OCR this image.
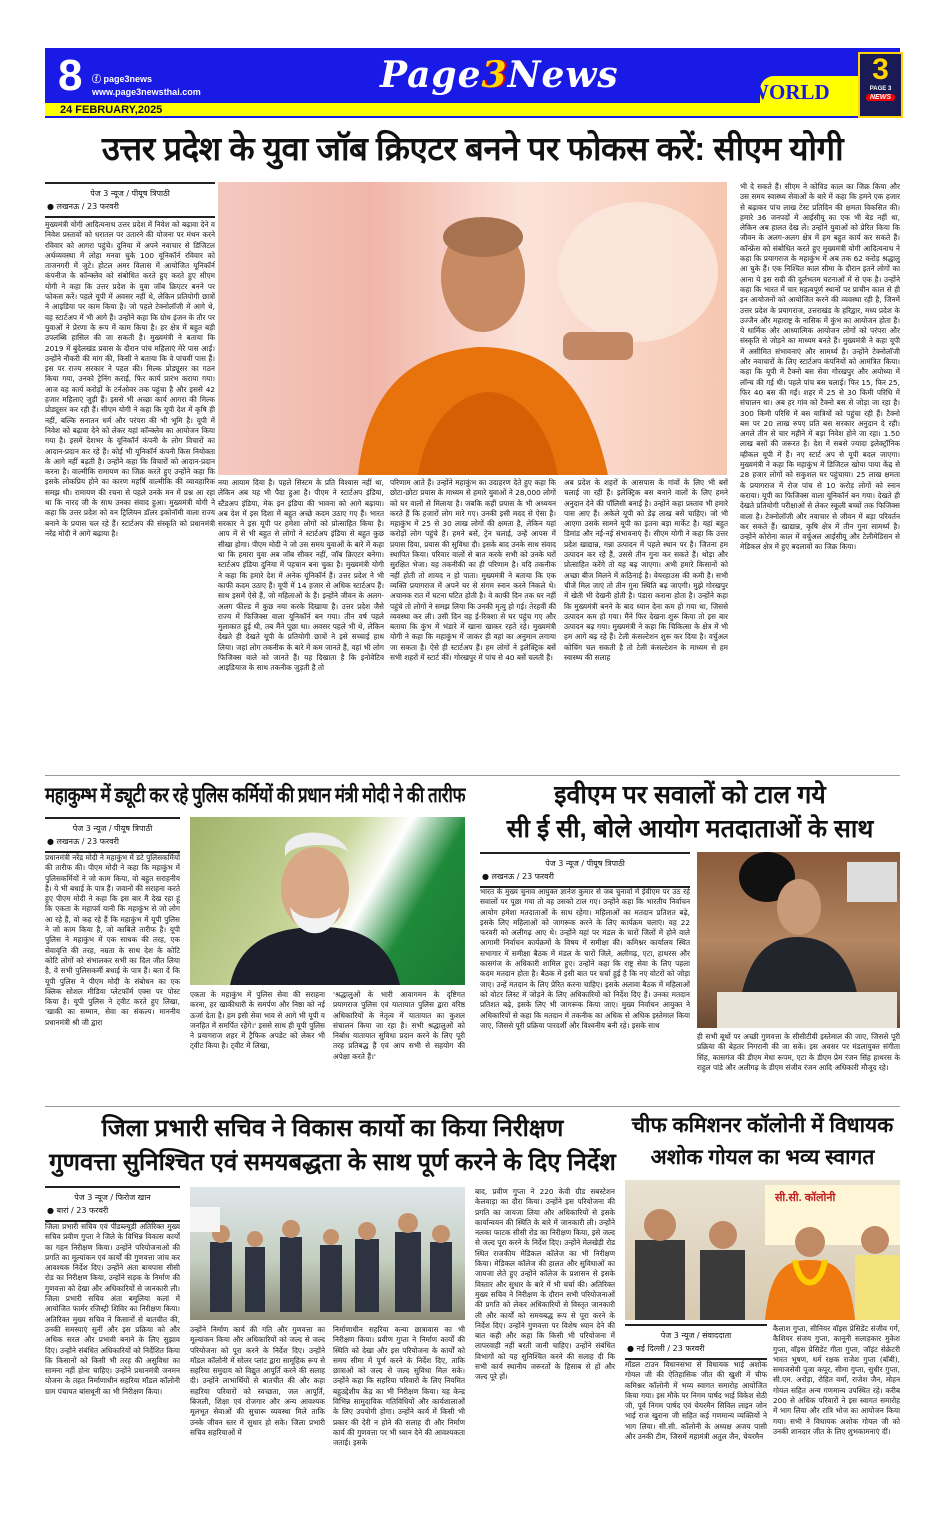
8 ⓕ page3news
www.page3newsthai.com
24 FEBRUARY,2025
Page3News	WORLD
3
PAGE 3
NEWS
उत्तर प्रदेश के युवा जॉब क्रिएटर बनने पर फोकस करें: सीएम योगी
पेज 3 न्यूज / पीयूष त्रिपाठी
● लखनऊ / 23 फरवरी
मुख्यमंत्री योगी आदित्यनाथ उत्तर प्रदेश में निवेश को बढ़ावा देने व निवेश प्रस्तावों को धरातल पर उतारने की योजना पर मंथन करने रविवार को आगरा पहुंचे। दुनिया में अपने नवाचार से डिजिटल अर्थव्यवस्था में लोहा मनवा चुके 100 यूनिकॉर्न रविवार को ताजनगरी में जुटे। होटल अमर विलास में आयोजित यूनिकॉर्न कंपनीज के कॉन्क्लेव को संबोधित करते हुए करते हुए सीएम योगी ने कहा कि उत्तर प्रदेश के युवा जॉब क्रिएटर बनने पर फोकस करें। पहले यूपी में अवसर नहीं थे, लेकिन प्रतियोगी छात्रों ने आइडिया पर काम किया है। जो पहले टेक्नोलॉजी में आगे थे, वह स्टार्टअप में भी आगे हैं। उन्होंने कहा कि ग्रोथ इंजन के तौर पर युवाओं ने प्रेरणा के रूप में काम किया है। हर क्षेत्र में बहुत बड़ी उपलब्धि हासिल की जा सकती है। मुख्यमंत्री ने बताया कि 2019 में बुंदेलखंड प्रवास के दौरान पांच महिलाएं मेरे पास आईं। उन्होंने नौकरी की मांग की, किसी ने बताया कि वे पांचवीं पास हैं। इस पर राज्य सरकार ने पहल की। मिल्क प्रोड्यूसर का गठन किया गया, उनको ट्रेनिंग कराई, फिर कार्य प्रारंभ कराया गया। आज वह कार्य करोड़ों के टर्नओवर तक पहुंचा है और इससे 42 हजार महिलाएं जुड़ी हैं। इससे भी अच्छा कार्य आगरा की मिल्क प्रोड्यूसर कर रही हैं। सीएम योगी ने कहा कि यूपी देश में कृषि ही नहीं, बल्कि सनातन धर्म और परंपरा की भी भूमि है। यूपी में निवेश को बढ़ावा देने को लेकर यहां कॉन्क्लेव का आयोजन किया गया है। इसमें देशभर के यूनिकॉर्न कंपनी के लोग विचारों का आदान-प्रदान कर रहे हैं। कोई भी यूनिकॉर्न कंपनी किस नियोक्ता के आगे नहीं बढ़ती है। उन्होंने कहा कि विचारों को आदान-प्रदान करना है। वाल्मीकि रामायण का जिक्र करते हुए उन्होंने कहा कि इसके लोकप्रिय होने का कारण महर्षि वाल्मीकि की व्यावहारिक समझ थी। रामायण की रचना से पहले उनके मन में प्रश्न आ रहा था कि नारद जी के साथ उनका संवाद हुआ। मुख्यमंत्री योगी ने कहा कि उत्तर प्रदेश को वन ट्रिलियन डॉलर इकोनॉमी वाला राज्य बनाने के प्रयास चल रहे हैं। स्टार्टअप की संस्कृति को प्रधानमंत्री नरेंद्र मोदी ने आगे बढ़ाया है।
नया आयाम दिया है। पहले सिस्टम के प्रति विश्वास नहीं था, लेकिन अब यह भी पैदा हुआ है। पीएम ने स्टार्टअप इंडिया, स्टैंडअप इंडिया, मेक इन इंडिया की भावना को आगे बढ़ाया। अब देश में इस दिशा में बहुत अच्छे कदम उठाए गए हैं। भारत सरकार ने इस यूपी पर हमेशा लोगों को प्रोत्साहित किया है। आप में से भी बहुत से लोगों ने स्टार्टअप इंडिया से बहुत कुछ सीखा होगा। पीएम मोदी ने जो उस समय युवाओं के बारे में कहा था कि हमारा युवा अब जॉब सीकर नहीं, जॉब क्रिएटर बनेगा। स्टार्टअप इंडिया दुनिया में पहचान बना चुका है। मुख्यमंत्री योगी ने कहा कि हमारे देश में अनेक यूनिकॉर्न हैं। उत्तर प्रदेश ने भी काफी कदम उठाए हैं। यूपी में 14 हजार से अधिक स्टार्टअप हैं। साथ इसमें ऐसे हैं, जो महिलाओं के हैं। इन्होंने जीवन के अलग-अलग फील्ड में कुछ नया करके दिखाया है। उत्तर प्रदेश जैसे राज्य में फिजिक्स वाला यूनिकॉर्न बन गया। तीन वर्ष पहले मुलाकात हुई थी, तब मैंने पूछा था। अवसर पहले भी थे, लेकिन देखते ही देखते यूपी के प्रतियोगी छात्रों ने इसे सच्चाई हाथ लिया। जहां लोग तकनीक के बारे में कम जानते हैं, वहां भी लोग फिजिक्स वाले को जानते हैं। यह दिखाता है कि इनोवेटिव आइडियाज के साथ तकनीक जुड़ती है तो
परिणाम आते हैं। उन्होंने महाकुंभ का उदाहरण देते हुए कहा कि छोटा-छोटा प्रयास के माध्यम से हमारे युवाओं ने 28,000 लोगों को घर वालों से मिलाया है। जबकि कहीं प्रयास के भी अध्ययन करते हैं कि हजारों लोग मारे गए। उनकी इसी मदद से ऐसा है। महाकुंभ में 25 से 30 लाख लोगों की क्षमता है, लेकिन यहां करोड़ों लोग पहुंचे हैं। हमने बसें, ट्रेन चलाई, उन्हें आपस में प्रयास दिया, प्रयास की सुविधा दी। इसके बाद उनके साथ संवाद स्थापित किया। परिवार वालों से बात करके सभी को उनके घरों सुरक्षित भेजा। यह तकनीकी का ही परिणाम है। यदि तकनीक नहीं होती तो शायद न हो पाता। मुख्यमंत्री ने बताया कि एक व्यक्ति प्रयागराज में अपने घर से संगम स्नान करने निकले थे। अचानक रात में घटना घटित होती है। वे काफी दिन तक घर नहीं पहुंचे तो लोगों ने समझ लिया कि उनकी मृत्यु हो गई। तेरहवीं की व्यवस्था कर ली। उसी दिन वह ई-रिक्शा से घर पहुंच गए और बताया कि कुंभ में भंडारे में खाना खाकर रहते रहे। मुख्यमंत्री योगी ने कहा कि महाकुंभ में जाकर ही वहां का अनुमान लगाया जा सकता है। ऐसे ही स्टार्टअप हैं। हम लोगों ने इलेक्ट्रिक बसें सभी शहरों में स्टार्ट कीं। गोरखपुर में पांच से 40 बसें चलती हैं।
अब प्रदेश के शहरों के आसपास के गांवों के लिए भी बसें चलाई जा रही हैं। इलेक्ट्रिक बस बनाने वालों के लिए हमने अनुदान देने की पॉलिसी बनाई है। उन्होंने कहा प्रस्ताव भी हमारे पास आए हैं। अकेले यूपी को डेढ़ लाख बसें चाहिए। जो भी आएगा उसके सामने यूपी का इतना बड़ा मार्केट है। यहां बहुत डिमांड और नई-नई संभावनाएं हैं। सीएम योगी ने कहा कि उत्तर प्रदेश खाद्यान्न, गन्ना उत्पादन में पहले स्थान पर है। जितना हम उत्पादन कर रहे हैं, उससे तीन गुना कर सकते हैं। थोड़ा और प्रोत्साहित करेंगे तो यह बढ़ जाएगा। अभी हमारे किसानों को अच्छा बीज मिलने में कठिनाई है। वेयरहाउस की कमी है। सभी चीजें मिल जाएं तो तीन गुना स्थिति बढ़ जाएगी। मुझे गोरखपुर में खेती भी देखनी होती है। पंडारा कराना होता है। उन्होंने कहा कि मुख्यमंत्री बनने के बाद ध्यान देना कम हो गया था, जिससे उत्पादन कम हो गया। मैंने फिर देखना शुरू किया तो इस बार उत्पादन बढ़ गया। मुख्यमंत्री ने कहा कि चिकित्सा के क्षेत्र में भी हम आगे बढ़ रहे हैं। टेली कंसल्टेशन शुरू कर दिया है। वर्चुअल कोचिंग चल सकती है तो टेली कंसल्टेशन के माध्यम से हम स्वास्थ्य की सलाह
भी दे सकते हैं। सीएम ने कोविड काल का जिक्र किया और उस समय स्वास्थ्य सेवाओं के बारे में कहा कि हमने एक हजार से बढ़ाकर पांच लाख टेस्ट प्रतिदिन की क्षमता विकसित की। हमारे 36 जनपदों में आईसीयू का एक भी बेड नहीं था, लेकिन अब हालत देख लें। उन्होंने युवाओं को प्रेरित किया कि जीवन के अलग-अलग क्षेत्र में हम बहुत कार्य कर सकते हैं। कॉन्फ्रेंस को संबोधित करते हुए मुख्यमंत्री योगी आदित्यनाथ ने कहा कि प्रयागराज के महाकुंभ में अब तक 62 करोड़ श्रद्धालु आ चुके हैं। एक निश्चित काल सीमा के दौरान इतने लोगों का आना ये इस सदी की दुर्लभतम घटनाओं में से एक है। उन्होंने कहा कि भारत में चार महत्वपूर्ण स्थानों पर प्राचीन काल से ही इन आयोजनों को आयोजित करने की व्यवस्था रही है, जिनमें उत्तर प्रदेश के प्रयागराज, उत्तराखंड के हरिद्वार, मध्य प्रदेश के उज्जैन और महाराष्ट्र के नासिक में कुंभ का आयोजन होता है। ये धार्मिक और आध्यात्मिक आयोजन लोगों को परंपरा और संस्कृति से जोड़ने का माध्यम बनते हैं। मुख्यमंत्री ने कहा यूपी में असीमित संभावनाएं और सामर्थ्य है। उन्होंने टेक्नोलॉजी और नवाचारों के लिए स्टार्टअप कंपनियों को आमंत्रित किया। कहा कि यूपी में टैक्नो बस सेवा गोरखपुर और अयोध्या में लॉन्च की गई थी। पहले पांच बस चलाई। फिर 15, फिर 25, फिर 40 बस की गईं। शहर में 25 से 30 किमी परिधि में संचालन था। अब हर गांव को टैक्नो बस से जोड़ा जा रहा है। 300 किमी परिधि में बस यात्रियों को पहुंचा रही हैं। टैक्नो बस पर 20 लाख रुपए प्रति बस सरकार अनुदान दे रही। अगले तीन से चार महीने में बड़ा निवेश होने जा रहा। 1.50 लाख बसों की जरूरत है। देश में सबसे ज्यादा इलेक्ट्रॉनिक व्हीकल यूपी में हैं। नए स्टार्ट अप से यूपी बदल जाएगा। मुख्यमंत्री ने कहा कि महाकुंभ में डिजिटल खोया पाया केंद्र से 28 हजार लोगों को सकुशल घर पहुंचाया। 25 लाख क्षमता के प्रयागराज में रोज पांच से 10 करोड़ लोगों को स्नान कराया। यूपी का फिजिक्स वाला यूनिकॉर्न बन गया। देखते ही देखते प्रतियोगी परीक्षाओं से लेकर स्कूली बच्चों तक फिजिक्स वाला है। टेक्नोलॉजी और नवाचार से जीवन में बड़ा परिवर्तन कर सकते हैं। खाद्यान्न, कृषि क्षेत्र में तीन गुना सामर्थ्य है। उन्होंने कोरोना काल में वर्चुअल आईसीयू और टेलीमेडिसन से मेडिकल क्षेत्र में हुए बदलावों का जिक्र किया।
महाकुम्भ में ड्यूटी कर रहे पुलिस कर्मियों की प्रधान मंत्री मोदी ने की तारीफ
पेज 3 न्यूज / पीयूष त्रिपाठी
● लखनऊ / 23 फरवरी
प्रधानमंत्री नरेंद्र मोदी ने महाकुंभ में डटे पुलिसकर्मियों की तारीफ की। पीएम मोदी ने कहा कि महाकुंभ में पुलिसकर्मियों ने जो काम किया, वो बहुत सराहनीय है। ये भी बधाई के पात्र हैं। जवानों की सराहना करते हुए पीएम मोदी ने कहा कि इस बार मैं देख रहा हूं कि एकता के महापर्व यानी कि महाकुंभ से जो लोग आ रहे हैं, वो कह रहे हैं कि महाकुंभ में यूपी पुलिस ने जो काम किया है, जो काबिले तारीफ है। यूपी पुलिस ने महाकुंभ में एक साधक की तरह, एक सेवावृत्ति की तरह, नम्रता के साथ देश के कोटि कोटि लोगों को संभालकर सभी का दिल जीत लिया है, वे सभी पुलिसकर्मी बधाई के पात्र हैं। बता दें कि यूपी पुलिस ने पीएम मोदी के संबोधन का एक क्लिक सोशल मीडिया प्लेटफॉर्म एक्स पर पोस्ट किया है। यूपी पुलिस ने ट्वीट करते हुए लिखा, 'खाकी का सम्मान, सेवा का संकल्प। माननीय प्रधानमंत्री श्री जी द्वारा
एकता के महाकुंभ में पुलिस सेवा की सराहना करना, हर खाकीधारी के समर्पण और निष्ठा को नई ऊर्जा देता है। हम इसी सेवा भाव से आगे भी यूपी व जनहित में समर्पित रहेंगे।' इससे साथ ही यूपी पुलिस ने प्रयागराज शहर में ट्रैफिक अपडेट को लेकर भी ट्वीट किया है। ट्वीट में लिखा,
'श्रद्धालुओं के भारी आवागमन के दृष्टिगत प्रयागराज पुलिस एवं यातायात पुलिस द्वारा वरिष्ठ अधिकारियों के नेतृत्व में यातायात का कुशल संचालन किया जा रहा है। सभी श्रद्धालुओं को निर्बाध यातायात सुविधा प्रदान करने के लिए पूरी तरह प्रतिबद्ध हैं एवं आप सभी से सहयोग की अपेक्षा करते हैं।'
इवीएम पर सवालों को टाल गये
सी ई सी, बोले आयोग मतदाताओं के साथ
पेज 3 न्यूज / पीयूष त्रिपाठी
● लखनऊ / 23 फरवरी
भारत के मुख्य चुनाव आयुक्त ज्ञानेश कुमार से जब चुनावों में ईवीएम पर उठ रहे सवालों पर पूछा गया तो वह उसको टाल गए। उन्होंने कहा कि भारतीय निर्वाचन आयोग हमेशा मतदाताओं के साथ रहेगा। महिलाओं का मतदान प्रतिशत बढ़े, इसके लिए महिलाओं को जागरूक करने के लिए कार्यक्रम चलाएं। वह 22 फरवरी को अलीगढ़ आए थे। उन्होंने यहां पर मंडल के चारों जिलों में होने वाले आगामी निर्वाचन कार्यक्रमों के विषय में समीक्षा की। कमिश्नर कार्यालय स्थित सभागार में समीक्षा बैठक में मंडल के चारों जिले, अलीगढ़, एटा, हाथरस और कासगंज के अधिकारी शामिल हुए। उन्होंने कहा कि राष्ट्र सेवा के लिए पहला कदम मतदान होता है। बैठक में इसी बात पर चर्चा हुई है कि नए वोटरों को जोड़ा जाए। उन्हें मतदान के लिए प्रेरित करना चाहिए। इसके अलावा बैठक में महिलाओं को वोटर लिस्ट में जोड़ने के लिए अधिकारियों को निर्देश दिए हैं। उनका मतदान प्रतिशत बढ़े, इसके लिए भी जागरूक किया जाए। मुख्य निर्वाचन आयुक्त ने अधिकारियों से कहा कि मतदान में तकनीक का अधिक से अधिक इस्तेमाल किया जाए, जिससे पूरी प्रक्रिया पारदर्शी और विश्वनीय बनी रहे। इसके साथ
ही सभी बूथों पर अच्छी गुणवत्ता के सीसीटीवी इस्तेमाल की जाए, जिससे पूरी प्रक्रिया की बेहतर निगरानी की जा सके। इस अवसर पर मंडलायुक्त संगीता सिंह, कासगंज की डीएम मेधा रूपम, एटा के डीएम प्रेम रंजन सिंह हाथरस के राहुल पांडे और अलीगढ़ के डीएम संजीव रंजन आदि अधिकारी मौजूद रहे।
जिला प्रभारी सचिव ने विकास कार्यो का किया निरीक्षण
गुणवत्ता सुनिश्चित एवं समयबद्धता के साथ पूर्ण करने के दिए निर्देश
पेज 3 न्यूज / फिरोज खान
● बारां / 23 फरवरी
जिला प्रभारी सचिव एवं पीडब्ल्यूडी अतिरिक्त मुख्य सचिव प्रवीण गुप्ता ने जिले के विभिन्न विकास कार्यों का गहन निरीक्षण किया। उन्होंने परियोजनाओं की प्रगति का मूल्यांकन एवं कार्यों की गुणवत्ता जांच कर आवश्यक निर्देश दिए। उन्होंने अंता बायपास सीसी रोड का निरीक्षण किया, उन्होंने सड़क के निर्माण की गुणवत्ता को देखा और अधिकारियों से जानकारी ली। जिला प्रभारी सचिव अंता बमूलिया कलां में आयोजित फार्मर रजिस्ट्री शिविर का निरीक्षण किया। अतिरिक्त मुख्य सचिव ने किसानों से बातचीत की, उनकी समस्याएं सुनीं और इस प्रक्रिया को और अधिक सरल और प्रभावी बनाने के लिए सुझाव दिए। उन्होंने संबंधित अधिकारियों को निर्देशित किया कि किसानों को किसी भी तरह की असुविधा का सामना नहीं होना चाहिए। उन्होंने प्रधानमंत्री जनमन योजना के तहत निर्माणाधीन सहरिया मॉडल कॉलोनी ग्राम पंचायत बांसथूनी का भी निरीक्षण किया।
उन्होंने निर्माण कार्य की गति और गुणवत्ता का मूल्यांकन किया और अधिकारियों को जल्द से जल्द परियोजना को पूरा करने के निर्देश दिए। उन्होंने मॉडल कॉलोनी में सोलर प्लांट द्वारा सामूहिक रूप से सहरिया समुदाय को विद्युत आपूर्ति करने की सलाह दी। उन्होंने लाभार्थियों से बातचीत की और कहा सहरिया परिवारों को स्वच्छता, जल आपूर्ति, बिजली, शिक्षा एवं रोजगार और अन्य आवश्यक मूलभूत सेवाओं की सुचारू व्यवस्था मिले ताकि उनके जीवन स्तर में सुधार हो सके। जिला प्रभारी सचिव सहरियाओं में
निर्माणाधीन सहरिया कन्या छात्रावास का भी निरीक्षण किया। प्रवीण गुप्ता ने निर्माण कार्यों की स्थिति को देखा और इस परियोजना के कार्यों को समय सीमा में पूर्ण करने के निर्देश दिए, ताकि छात्राओं को जल्द से जल्द सुविधा मिल सके। उन्होंने कहा कि सहरिया परिवारों के लिए नियमित बहुउद्देशीय केंद्र का भी निरीक्षण किया। यह केन्द्र विभिन्न सामुदायिक गतिविधियों और कार्यशालाओं के लिए उपयोगी होगा। उन्होंने कार्य में किसी भी प्रकार की देरी न होने की सलाह दी और निर्माण कार्य की गुणवत्ता पर भी ध्यान देने की आवश्यकता जताई। इसके
बाद, प्रवीण गुप्ता ने 220 केवी ग्रीड सबस्टेशन केलवाड़ा का दौरा किया। उन्होंने इस परियोजना की प्रगति का जायजा लिया और अधिकारियों से इसके कार्यान्वयन की स्थिति के बारे में जानकारी ली। उन्होंने नलका फाटक सीसी रोड का निरीक्षण किया, इसे जल्द से जल्द पूरा करने के निर्देश दिए। उन्होंने मेलखेड़ी रोड स्थित राजकीय मेडिकल कॉलेज का भी निरीक्षण किया। मेडिकल कॉलेज की हालत और सुविधाओं का जायजा लेते हुए उन्होंने कॉलेज के प्रशासन से इसके विस्तार और सुधार के बारे में भी चर्चा की। अतिरिक्त मुख्य सचिव ने निरीक्षण के दौरान सभी परियोजनाओं की प्रगति को लेकर अधिकारियों से विस्तृत जानकारी ली और कार्यों को समयबद्ध रूप से पूरा करने के निर्देश दिए। उन्होंने गुणवत्ता पर विशेष ध्यान देने की बात कही और कहा कि किसी भी परियोजना में लापरवाही नहीं बरती जानी चाहिए। उन्होंने संबंधित विभागों को यह सुनिश्चित करने की सलाह दी कि सभी कार्य स्थानीय जरूरतों के हिसाब से हों और जल्द पूरे हों।
चीफ कमिशनर कॉलोनी में विधायक
अशोक गोयल का भव्य स्वागत
सी.सी. कॉलोनी
पेज 3 न्यूज / संवाददाता
● नई दिल्ली / 23 फरवरी
मॉडल टाउन विधानसभा से विधायक भाई अशोक गोयल जी की ऐतिहासिक जीत की खुशी में चीफ कमिश्नर कॉलोनी में भव्य स्वागत समारोह आयोजित किया गया। इस मौके पर निगम पार्षद भाई विकेश सेठी जी, पूर्व निगम पार्षद एवं चेयरमैन सिविल लाइन जोन भाई राज खुराना जी सहित कई गणमान्य व्यक्तियों ने भाग लिया। सी.सी. कॉलोनी के अध्यक्ष अजय पासी और उनकी टीम, जिसमें महामंत्री अतुल जैन, चेयरमैन
कैलाश गुप्ता, सीनियर वॉइस प्रेसिडेंट संजीव गर्ग, कैशियर संजय गुप्ता, कानूनी सलाहकार मुकेश गुप्ता, वॉइस प्रेसिडेंट गीता गुप्ता, जॉइंट सेक्रेटरी भारत भूषण, धर्म रक्षक राजेश गुप्ता (बॉबी), समाजसेवी पूजा कपूर, सीमा गुप्ता, सुधीर गुप्ता, सी.एम. अरोड़ा, रोहित वर्मा, राजेश जैन, मोहन गोयल सहित अन्य गणमान्य उपस्थित रहे। करीब 200 से अधिक परिवारों ने इस स्वागत समारोह में भाग लिया और रात्रि भोज का आयोजन किया गया। सभी ने विधायक अशोक गोयल जी को उनकी शानदार जीत के लिए शुभकामनाएं दीं।
